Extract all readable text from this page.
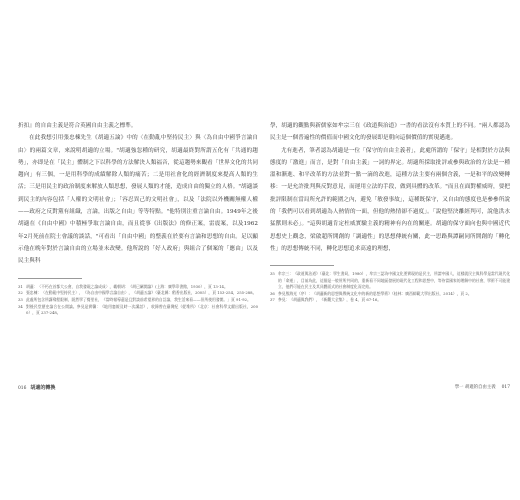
折扣』的自由主義是符合英國自由主義之標準。

在此我想引用張忠棟先生《胡適五論》中的〈在動亂中堅持民主〉與〈為自由中國爭言論自由〉的兩篇文章，來說明胡適的立場。"胡適強忽種的研究，胡適最終對所謂五化有「共通的趨勢」，亦即是在「民主」體制之下以科學的方法解決人類福音，從這趨勢來觀看「世界文化的共同趨向」有三個，一是用科學的成績解除人類的痛苦；二是用社會化的經濟制度來提高人類的生活；三是用民主的政治制度來解放人類思想，發展人類的才能，造成自由的獨立的人格。"胡適談到民主的內容包括「人權的文明社會」；「容忍異己的文明社會」，以及「法院以外機關無權人權——政府之反對黨有組織，言論，出版之自由」等等特點。"他特別注重言論自由。1949年之後胡適在《自由中國》中積極爭取言論自由，而且從事《出版法》的修正案，雷震案，以及1962年2月死前在院士會議的談話，"可看出「自由中國」的整義在於要有言論和思想的自由。足以顯示他在晚年對於言論自由的立場並未改變。他所說的「好人政府」與組合了個案的「應由」以及民主與科

31 胡適：〈不朽在首都大公會，自我發現之論成成〉，載朝胡：《胡已屬開論》(上海：廣學印書館，1930），頁 13-14。
32 張忠棟：〈在動亂中堅持民主〉，《為自由中國學言論自由〉，《胡適五論》（臺北縣：稻香出版社，2005），頁 153-254，255-288。
33 此處所包含所講殘程限制，既然學了餐里社，《當時報導還是且對談前希望界的自訂論，我生活來看——但所使用發開。」頁 91-92。
34 對後民堂歷史論合在公開論。參見是實馨：《地用憲報及時一次講話》，收錄曾在臺灣紀（從堆所）（北京：社會科學文獻出版社，2000），頁 237-248。

學，胡適的觀點與新儒家如牟宗三在《政道與治道》一書的看法沒有本質上的不同。"兩人都認為民主是一個普遍性的價值而中國文化的發展即是朝向這個價值的實現邁進。

尤有進者，筆者認為胡適是一位「保守的自由主義者」，此處所謂的「保守」是相對於方法與態度的「激進」而言，是對「自由主義」一詞的界定。胡適所採取批評或參與政治的方法是一種溫和漸進、和平改革的方法並對一點一滴的改進，這種方法主要有兩個含義，一是和平的改變轉移：一是允許批判與反對意見，而運用立法的手段，做到具體的改革。"而且在面對權威時，要把批評限制在當局所允許的範圍之內，避免「敏發事故」，這種既保守，又自由的態度也是參參所說的「我們可以看到胡適為人熱情的一面，但他的熱情卻不過度」。「說他堅決離經判可，說他洪水猛獸則未必」。"這與胡適肯定杜威實驗主義的精神有內在的關連。胡適的保守面向也與中國近代思想史上觀念，梁啟超所開創的「調適性」的思想傳統有關，此一思路與譚嗣同所開創的「轉化性」的思想傳統不同，轉化思想追求高遠的理想，

35 牟宗三：《政道與治道》（臺北：學生書局，1980），牟宗三認為中國文化要實現的是民主，所謂中國人，這樣就民主與科學是當代現代化的「命運」，目前為此，這個是一般所所共同的，重新看不同地區發展的現代化工程和思想中，等待當國家的理解中的社會，學術不可能建立，他們可能在民主及其具體面式的社會制度化而完結。
36 參見殷海光（序）：《胡適新的思想與傳統文化中的新的思想學術》（桂林：廣西師範大學出版社，2014），頁 2。
37 參見：《胡適與我們》，《新觀大全集》，卷 4，頁 67-16。
016 胡適的轉換	學一 胡適的自由主義 017
